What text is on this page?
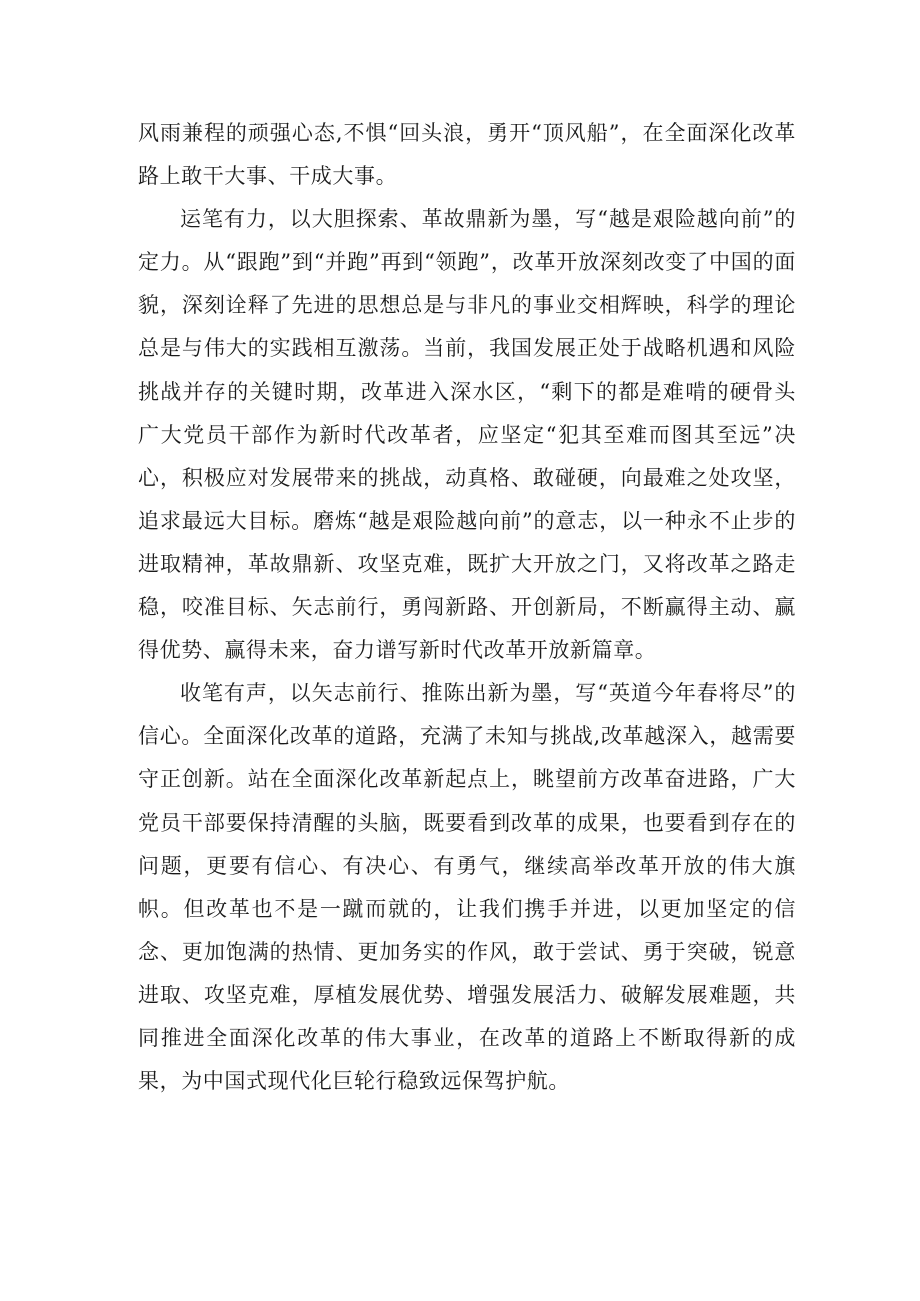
风雨兼程的顽强心态,不惧“回头浪，勇开“顶风船”，在全面深化改革路上敢干大事、干成大事。

运笔有力，以大胆探索、革故鼎新为墨，写“越是艰险越向前”的定力。从“跟跑”到“并跑”再到“领跑”，改革开放深刻改变了中国的面貌，深刻诠释了先进的思想总是与非凡的事业交相辉映，科学的理论总是与伟大的实践相互激荡。当前，我国发展正处于战略机遇和风险挑战并存的关键时期，改革进入深水区，“剩下的都是难啃的硬骨头广大党员干部作为新时代改革者，应坚定“犯其至难而图其至远”决心，积极应对发展带来的挑战，动真格、敢碰硬，向最难之处攻坚，追求最远大目标。磨炼“越是艰险越向前”的意志，以一种永不止步的进取精神，革故鼎新、攻坚克难，既扩大开放之门，又将改革之路走稳，咬准目标、矢志前行，勇闯新路、开创新局，不断赢得主动、赢得优势、赢得未来，奋力谱写新时代改革开放新篇章。

收笔有声，以矢志前行、推陈出新为墨，写“英道今年春将尽”的信心。全面深化改革的道路，充满了未知与挑战,改革越深入，越需要守正创新。站在全面深化改革新起点上，眺望前方改革奋进路，广大党员干部要保持清醒的头脑，既要看到改革的成果，也要看到存在的问题，更要有信心、有决心、有勇气，继续高举改革开放的伟大旗帜。但改革也不是一蹴而就的，让我们携手并进，以更加坚定的信念、更加饱满的热情、更加务实的作风，敢于尝试、勇于突破，锐意进取、攻坚克难，厚植发展优势、增强发展活力、破解发展难题，共同推进全面深化改革的伟大事业，在改革的道路上不断取得新的成果，为中国式现代化巨轮行稳致远保驾护航。
